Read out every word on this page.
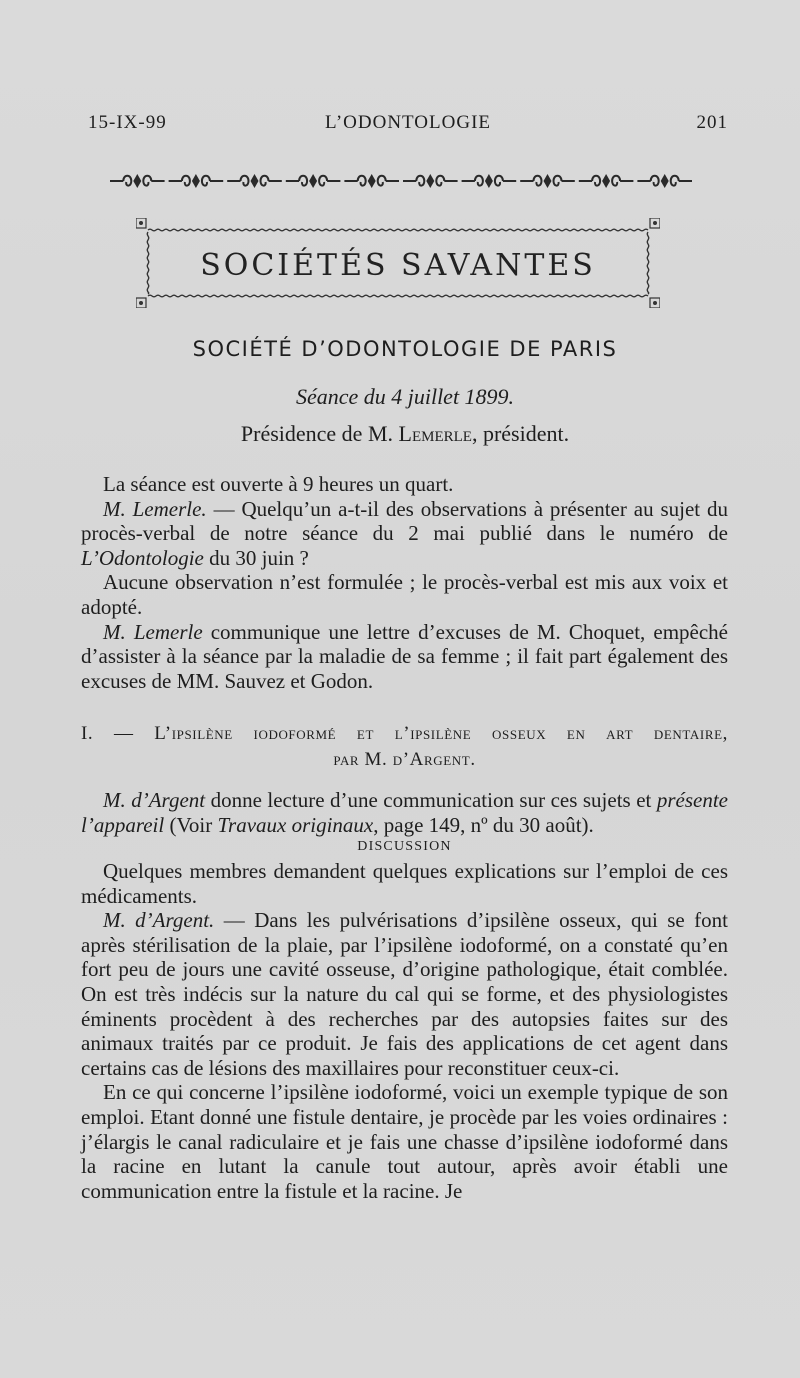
15-IX-99	L’ODONTOLOGIE	201
SOCIÉTÉS SAVANTES
SOCIÉTÉ D’ODONTOLOGIE DE PARIS
Séance du 4 juillet 1899.
Présidence de M. Lemerle, président.

La séance est ouverte à 9 heures un quart.

M. Lemerle. — Quelqu’un a-t-il des observations à présenter au sujet du procès-verbal de notre séance du 2 mai publié dans le numéro de L’Odontologie du 30 juin ?

Aucune observation n’est formulée ; le procès-verbal est mis aux voix et adopté.

M. Lemerle communique une lettre d’excuses de M. Choquet, empêché d’assister à la séance par la maladie de sa femme ; il fait part également des excuses de MM. Sauvez et Godon.

I. — L’ipsilène iodoformé et l’ipsilène osseux en art dentaire,
par M. d’Argent.

M. d’Argent donne lecture d’une communication sur ces sujets et présente l’appareil (Voir Travaux originaux, page 149, nº du 30 août).

DISCUSSION

Quelques membres demandent quelques explications sur l’emploi de ces médicaments.

M. d’Argent. — Dans les pulvérisations d’ipsilène osseux, qui se font après stérilisation de la plaie, par l’ipsilène iodoformé, on a constaté qu’en fort peu de jours une cavité osseuse, d’origine pathologique, était comblée. On est très indécis sur la nature du cal qui se forme, et des physiologistes éminents procèdent à des recherches par des autopsies faites sur des animaux traités par ce produit. Je fais des applications de cet agent dans certains cas de lésions des maxillaires pour reconstituer ceux-ci.

En ce qui concerne l’ipsilène iodoformé, voici un exemple typique de son emploi. Etant donné une fistule dentaire, je procède par les voies ordinaires : j’élargis le canal radiculaire et je fais une chasse d’ipsilène iodoformé dans la racine en lutant la canule tout autour, après avoir établi une communication entre la fistule et la racine. Je
